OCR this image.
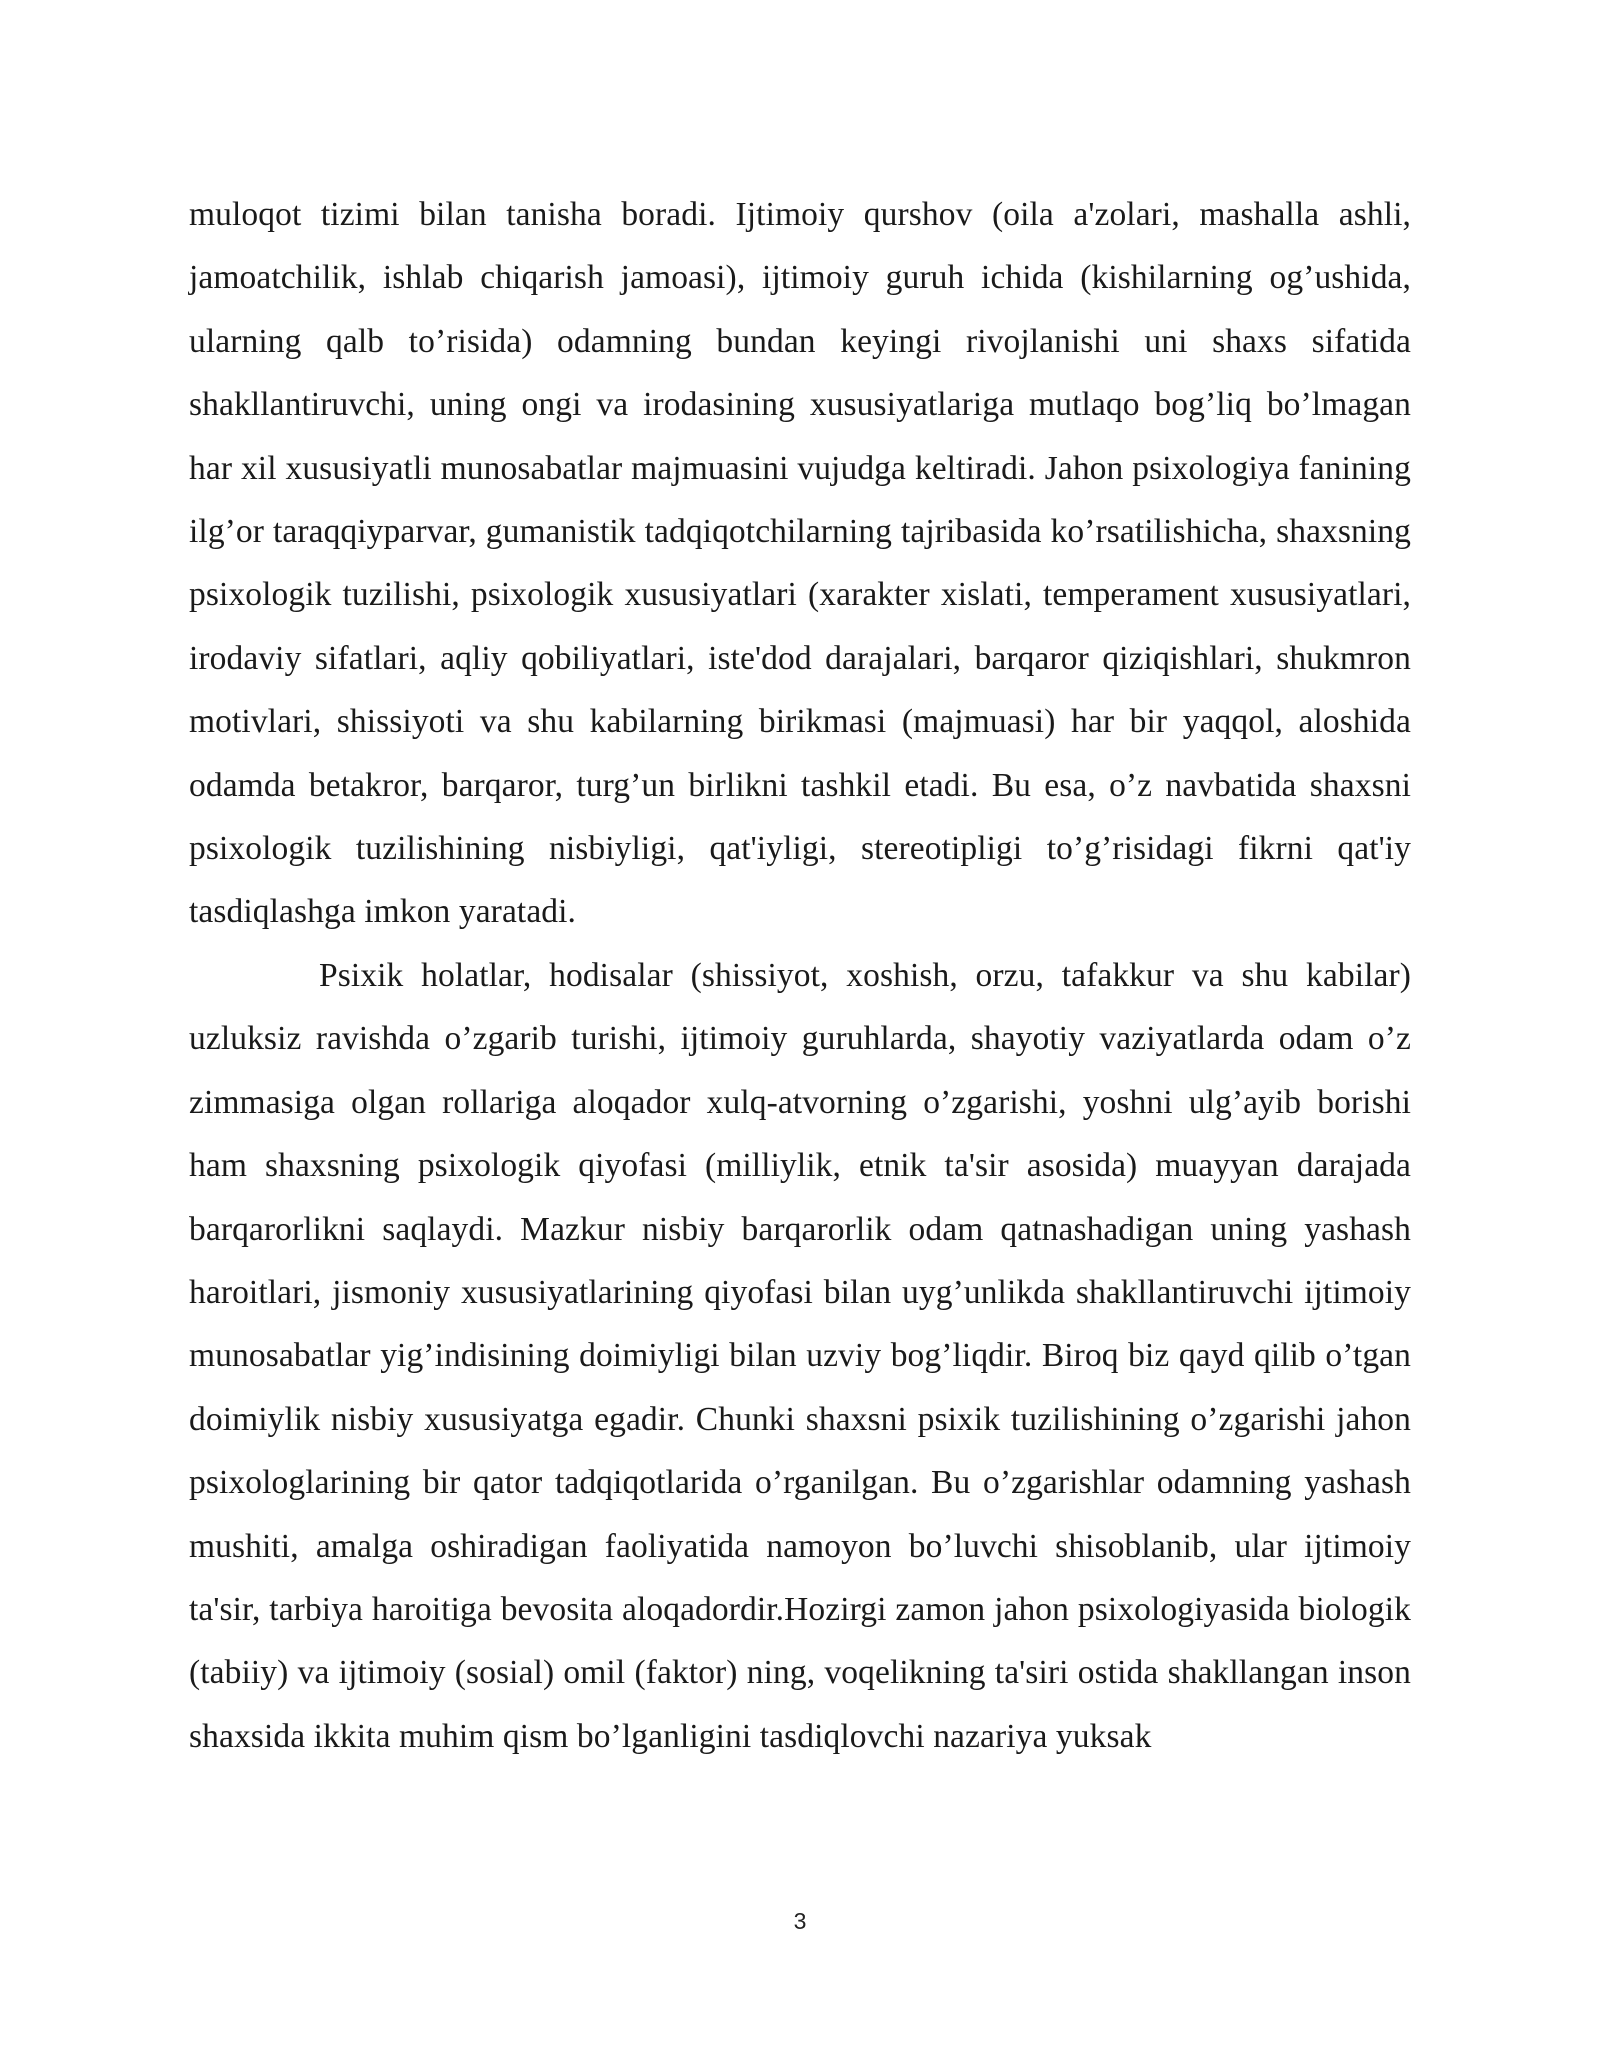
muloqot tizimi bilan tanisha boradi. Ijtimoiy qurshov (oila a'zolari, mashalla ashli, jamoatchilik, ishlab chiqarish jamoasi), ijtimoiy guruh ichida (kishilarning og’ushida, ularning qalb to’risida) odamning bundan keyingi rivojlanishi uni shaxs sifatida shakllantiruvchi, uning ongi va irodasining xususiyatlariga mutlaqo bog’liq bo’lmagan har xil xususiyatli munosabatlar majmuasini vujudga keltiradi. Jahon psixologiya fanining ilg’or taraqqiyparvar, gumanistik tadqiqotchilarning tajribasida ko’rsatilishicha, shaxsning psixologik tuzilishi, psixologik xususiyatlari (xarakter xislati, temperament xususiyatlari, irodaviy sifatlari, aqliy qobiliyatlari, iste'dod darajalari, barqaror qiziqishlari, shukmron motivlari, shissiyoti va shu kabilarning birikmasi (majmuasi) har bir yaqqol, aloshida odamda betakror, barqaror, turg’un birlikni tashkil etadi. Bu esa, o’z navbatida shaxsni psixologik tuzilishining nisbiyligi, qat'iyligi, stereotipligi to’g’risidagi fikrni qat'iy tasdiqlashga imkon yaratadi.

Psixik holatlar, hodisalar (shissiyot, xoshish, orzu, tafakkur va shu kabilar) uzluksiz ravishda o’zgarib turishi, ijtimoiy guruhlarda, shayotiy vaziyatlarda odam o’z zimmasiga olgan rollariga aloqador xulq-atvorning o’zgarishi, yoshni ulg’ayib borishi ham shaxsning psixologik qiyofasi (milliylik, etnik ta'sir asosida) muayyan darajada barqarorlikni saqlaydi. Mazkur nisbiy barqarorlik odam qatnashadigan uning yashash haroitlari, jismoniy xususiyatlarining qiyofasi bilan uyg’unlikda shakllantiruvchi ijtimoiy munosabatlar yig’indisining doimiyligi bilan uzviy bog’liqdir. Biroq biz qayd qilib o’tgan doimiylik nisbiy xususiyatga egadir. Chunki shaxsni psixik tuzilishining o’zgarishi jahon psixologlarining bir qator tadqiqotlarida o’rganilgan. Bu o’zgarishlar odamning yashash mushiti, amalga oshiradigan faoliyatida namoyon bo’luvchi shisoblanib, ular ijtimoiy ta'sir, tarbiya haroitiga bevosita aloqadordir.Hozirgi zamon jahon psixologiyasida biologik (tabiiy) va ijtimoiy (sosial) omil (faktor) ning, voqelikning ta'siri ostida shakllangan inson shaxsida ikkita muhim qism bo’lganligini tasdiqlovchi nazariya yuksak

3
